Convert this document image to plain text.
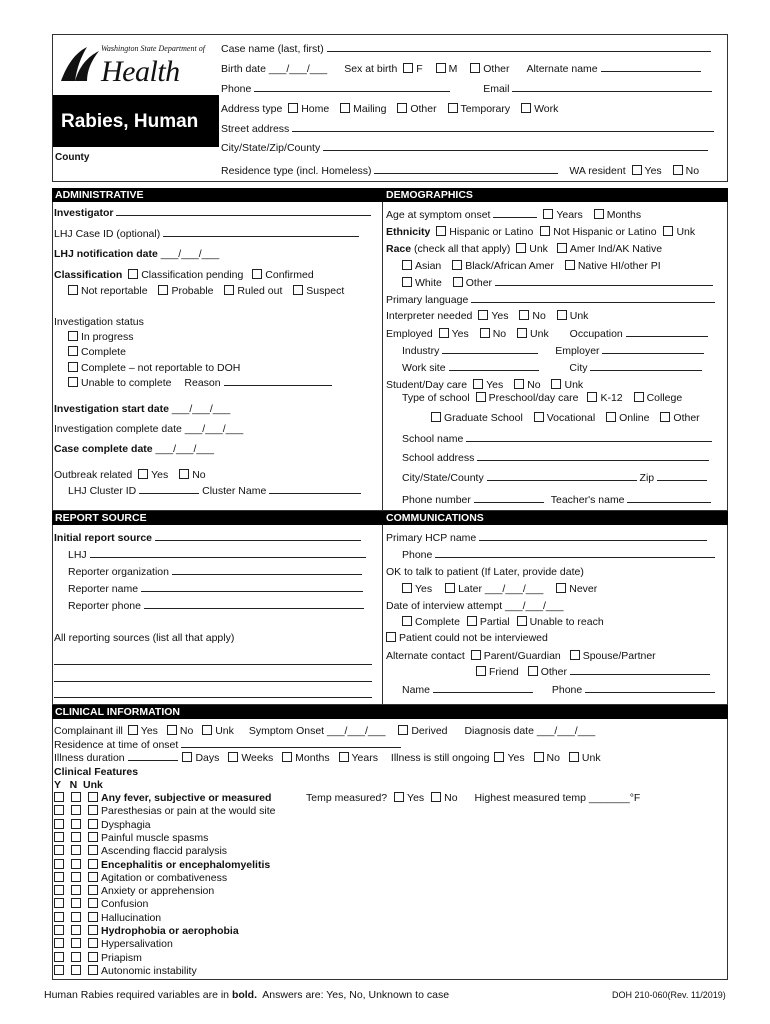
Washington State Department of
Health
Rabies, Human
County
Case name (last, first)
Birth date ___/___/___ Sex at birth F M Other Alternate name
Phone	Email
Address type Home Mailing Other Temporary Work
Street address
City/State/Zip/County
Residence type (incl. Homeless)	WA resident Yes No
ADMINISTRATIVE	DEMOGRAPHICS
Investigator
LHJ Case ID (optional)
LHJ notification date ___/___/___
Classification Classification pending Confirmed
Not reportable Probable Ruled out Suspect
Investigation status
In progress
Complete
Complete – not reportable to DOH
Unable to complete Reason
Investigation start date ___/___/___
Investigation complete date ___/___/___
Case complete date ___/___/___
Outbreak related Yes No
LHJ Cluster ID	Cluster Name
Age at symptom onset	Years Months
Ethnicity Hispanic or Latino Not Hispanic or Latino Unk
Race (check all that apply) Unk Amer Ind/AK Native
Asian Black/African Amer Native HI/other PI
White Other
Primary language
Interpreter needed Yes No Unk
Employed Yes No Unk Occupation
Industry	Employer
Work site	City
Student/Day care Yes No Unk
Type of school Preschool/day care K-12 College
Graduate School Vocational Online Other
School name
School address
City/State/County	Zip
Phone number	Teacher's name
REPORT SOURCE	COMMUNICATIONS
Initial report source
LHJ
Reporter organization
Reporter name
Reporter phone
All reporting sources (list all that apply)
Primary HCP name
Phone
OK to talk to patient (If Later, provide date)
Yes Later ___/___/___ Never
Date of interview attempt ___/___/___
Complete Partial Unable to reach
Patient could not be interviewed
Alternate contact Parent/Guardian Spouse/Partner
Friend Other
Name	Phone
CLINICAL INFORMATION
Complainant ill Yes No Unk Symptom Onset ___/___/___ Derived Diagnosis date ___/___/___
Residence at time of onset
Illness duration	Days Weeks Months Years Illness is still ongoing Yes No Unk
Clinical Features
Y   N  Unk
Any fever, subjective or measured
Paresthesias or pain at the would site
Dysphagia
Painful muscle spasms
Ascending flaccid paralysis
Encephalitis or encephalomyelitis
Agitation or combativeness
Anxiety or apprehension
Confusion
Hallucination
Hydrophobia or aerophobia
Hypersalivation
Priapism
Autonomic instability
Temp measured? Yes No Highest measured temp _______°F
Human Rabies required variables are in bold.  Answers are: Yes, No, Unknown to case	DOH 210-060(Rev. 11/2019)
